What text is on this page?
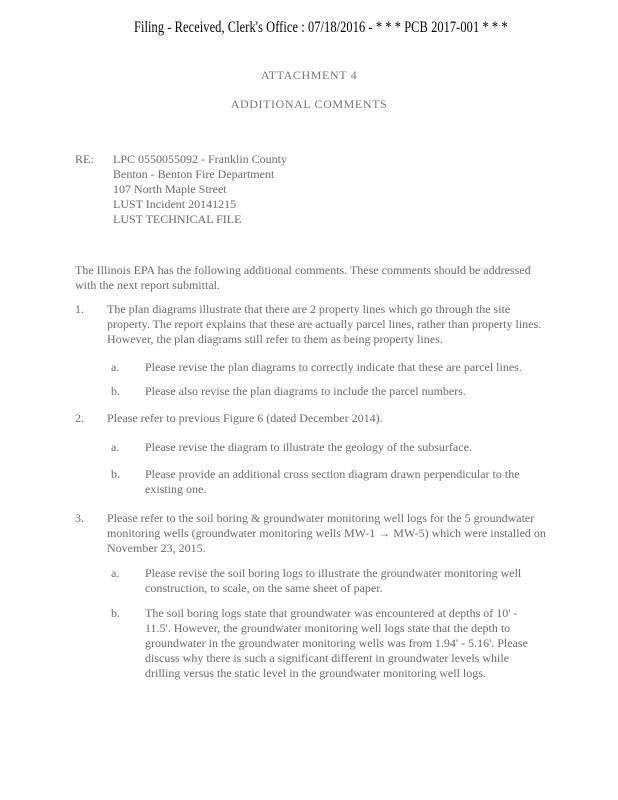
Filing - Received, Clerk's Office : 07/18/2016 - * * * PCB 2017-001 * * *
ATTACHMENT 4
ADDITIONAL COMMENTS
RE: LPC 0550055092 - Franklin County
Benton - Benton Fire Department
107 North Maple Street
LUST Incident 20141215
LUST TECHNICAL FILE
The Illinois EPA has the following additional comments. These comments should be addressed with the next report submittal.
1. The plan diagrams illustrate that there are 2 property lines which go through the site property. The report explains that these are actually parcel lines, rather than property lines. However, the plan diagrams still refer to them as being property lines.
a. Please revise the plan diagrams to correctly indicate that these are parcel lines.
b. Please also revise the plan diagrams to include the parcel numbers.
2. Please refer to previous Figure 6 (dated December 2014).
a. Please revise the diagram to illustrate the geology of the subsurface.
b. Please provide an additional cross section diagram drawn perpendicular to the existing one.
3. Please refer to the soil boring & groundwater monitoring well logs for the 5 groundwater monitoring wells (groundwater monitoring wells MW-1 → MW-5) which were installed on November 23, 2015.
a. Please revise the soil boring logs to illustrate the groundwater monitoring well construction, to scale, on the same sheet of paper.
b. The soil boring logs state that groundwater was encountered at depths of 10' - 11.5'. However, the groundwater monitoring well logs state that the depth to groundwater in the groundwater monitoring wells was from 1.94' - 5.16'. Please discuss why there is such a significant different in groundwater levels while drilling versus the static level in the groundwater monitoring well logs.
